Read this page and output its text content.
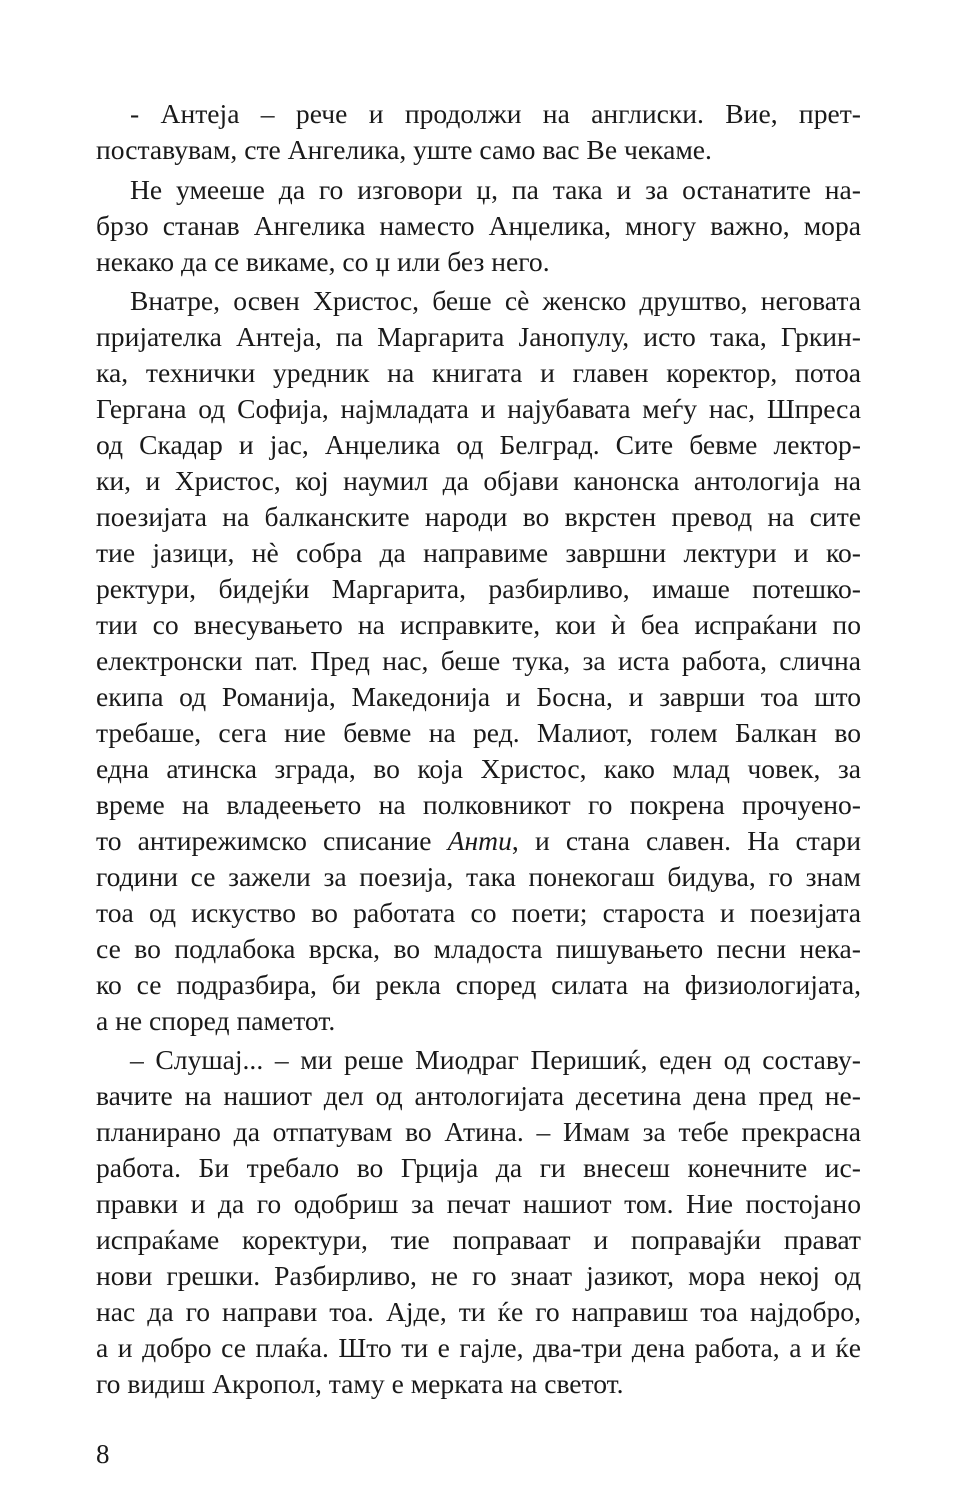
- Антеја – рече и продолжи на англиски. Вие, прет-
поставувам, сте Ангелика, уште само вас Ве чекаме.
Не умееше да го изговори џ, па така и за останатите на-
брзо станав Ангелика наместо Анџелика, многу важно, мора
некако да се викаме, со џ или без него.
Внатре, освен Христос, беше сè женско друштво, неговата
пријателка Антеја, па Маргарита Јанопулу, исто така, Гркин-
ка, технички уредник на книгата и главен коректор, потоа
Гергана од Софија, најмладата и најубавата меѓу нас, Шпреса
од Скадар и јас, Анџелика од Белград. Сите бевме лектор-
ки, и Христос, кој наумил да објави канонска антологија на
поезијата на балканските народи во вкрстен превод на сите
тие јазици, нè собра да направиме завршни лектури и ко-
ректури, бидејќи Маргарита, разбирливо, имаше потешко-
тии со внесувањето на исправките, кои ѝ беа испраќани по
електронски пат. Пред нас, беше тука, за иста работа, слична
екипа од Романија, Македонија и Босна, и заврши тоа што
требаше, сега ние бевме на ред. Малиот, голем Балкан во
една атинска зграда, во која Христос, како млад човек, за
време на владеењето на полковникот го покрена прочуено-
то антирежимско списание Анти, и стана славен. На стари
години се зажели за поезија, така понекогаш бидува, го знам
тоа од искуство во работата со поети; староста и поезијата
се во подлабока врска, во младоста пишувањето песни нека-
ко се подразбира, би рекла според силата на физиологијата,
а не според паметот.
– Слушај... – ми реше Миодраг Перишиќ, еден од составу-
вачите на нашиот дел од антологијата десетина дена пред не-
планирано да отпатувам во Атина. – Имам за тебе прекрасна
работа. Би требало во Грција да ги внесеш конечните ис-
правки и да го одобриш за печат нашиот том. Ние постојано
испраќаме коректури, тие поправаат и поправајќи прават
нови грешки. Разбирливо, не го знаат јазикот, мора некој од
нас да го направи тоа. Ајде, ти ќе го направиш тоа најдобро,
а и добро се плаќа. Што ти е гајле, два-три дена работа, а и ќе
го видиш Акропол, таму е мерката на светот.
8
